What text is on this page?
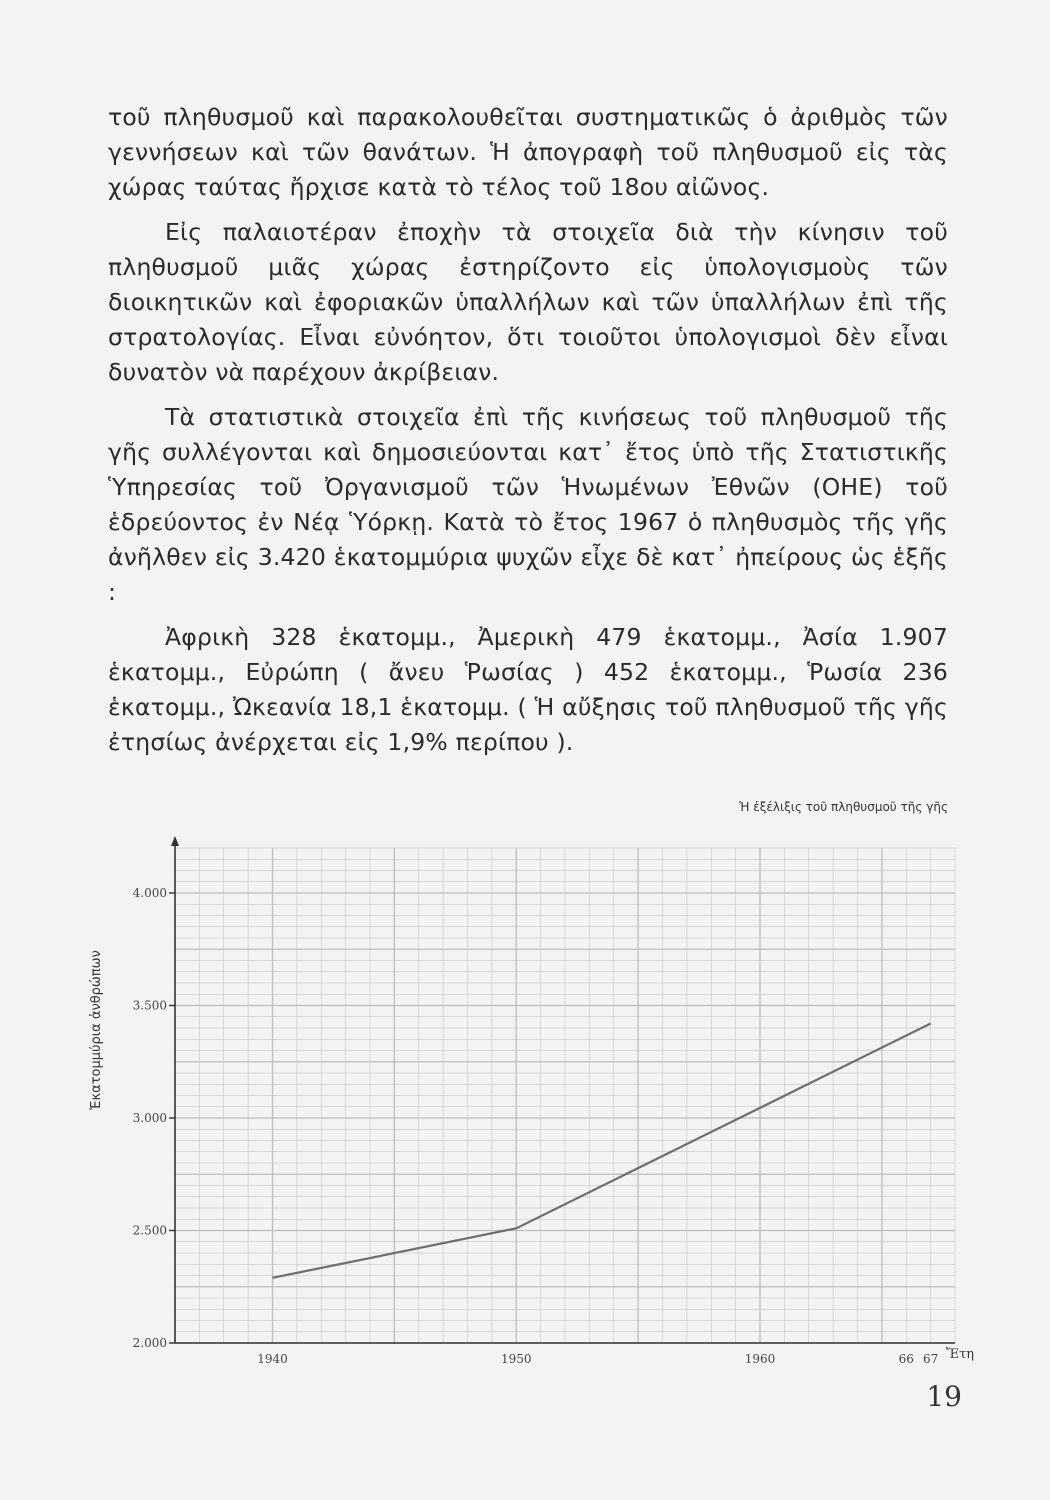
τοῦ πληθυσμοῦ καὶ παρακολουθεῖται συστηματικῶς ὁ ἀριθμὸς τῶν γεννήσεων καὶ τῶν θανάτων. Ἡ ἀπογραφὴ τοῦ πληθυσμοῦ εἰς τὰς χώρας ταύτας ἤρχισε κατὰ τὸ τέλος τοῦ 18ου αἰῶνος.

Εἰς παλαιοτέραν ἐποχὴν τὰ στοιχεῖα διὰ τὴν κίνησιν τοῦ πληθυσμοῦ μιᾶς χώρας ἐστηρίζοντο εἰς ὑπολογισμοὺς τῶν διοικητικῶν καὶ ἐφοριακῶν ὑπαλλήλων καὶ τῶν ὑπαλλήλων ἐπὶ τῆς στρατολογίας. Εἶναι εὐνόητον, ὅτι τοιοῦτοι ὑπολογισμοὶ δὲν εἶναι δυνατὸν νὰ παρέχουν ἀκρίβειαν.

Τὰ στατιστικὰ στοιχεῖα ἐπὶ τῆς κινήσεως τοῦ πληθυσμοῦ τῆς γῆς συλλέγονται καὶ δημοσιεύονται κατ᾽ ἔτος ὑπὸ τῆς Στατιστικῆς Ὑπηρεσίας τοῦ Ὀργανισμοῦ τῶν Ἡνωμένων Ἐθνῶν (ΟΗΕ) τοῦ ἑδρεύοντος ἐν Νέᾳ Ὑόρκῃ. Κατὰ τὸ ἔτος 1967 ὁ πληθυσμὸς τῆς γῆς ἀνῆλθεν εἰς 3.420 ἑκατομμύρια ψυχῶν εἶχε δὲ κατ᾽ ἠπείρους ὡς ἑξῆς :

Ἀφρικὴ 328 ἑκατομμ., Ἀμερικὴ 479 ἑκατομμ., Ἀσία 1.907 ἑκατομμ., Εὐρώπη ( ἄνευ Ῥωσίας ) 452 ἑκατομμ., Ῥωσία 236 ἑκατομμ., Ὠκεανία 18,1 ἑκατομμ. ( Ἡ αὔξησις τοῦ πληθυσμοῦ τῆς γῆς ἐτησίως ἀνέρχεται εἰς 1,9% περίπου ).

Ἡ ἐξέλιξις τοῦ πληθυσμοῦ τῆς γῆς
2.000
2.500
3.000
3.500
4.000
1940	1950	1960	66 67
Ἑκατομμύρια ἀνθρώπων
Ἔτη
19
